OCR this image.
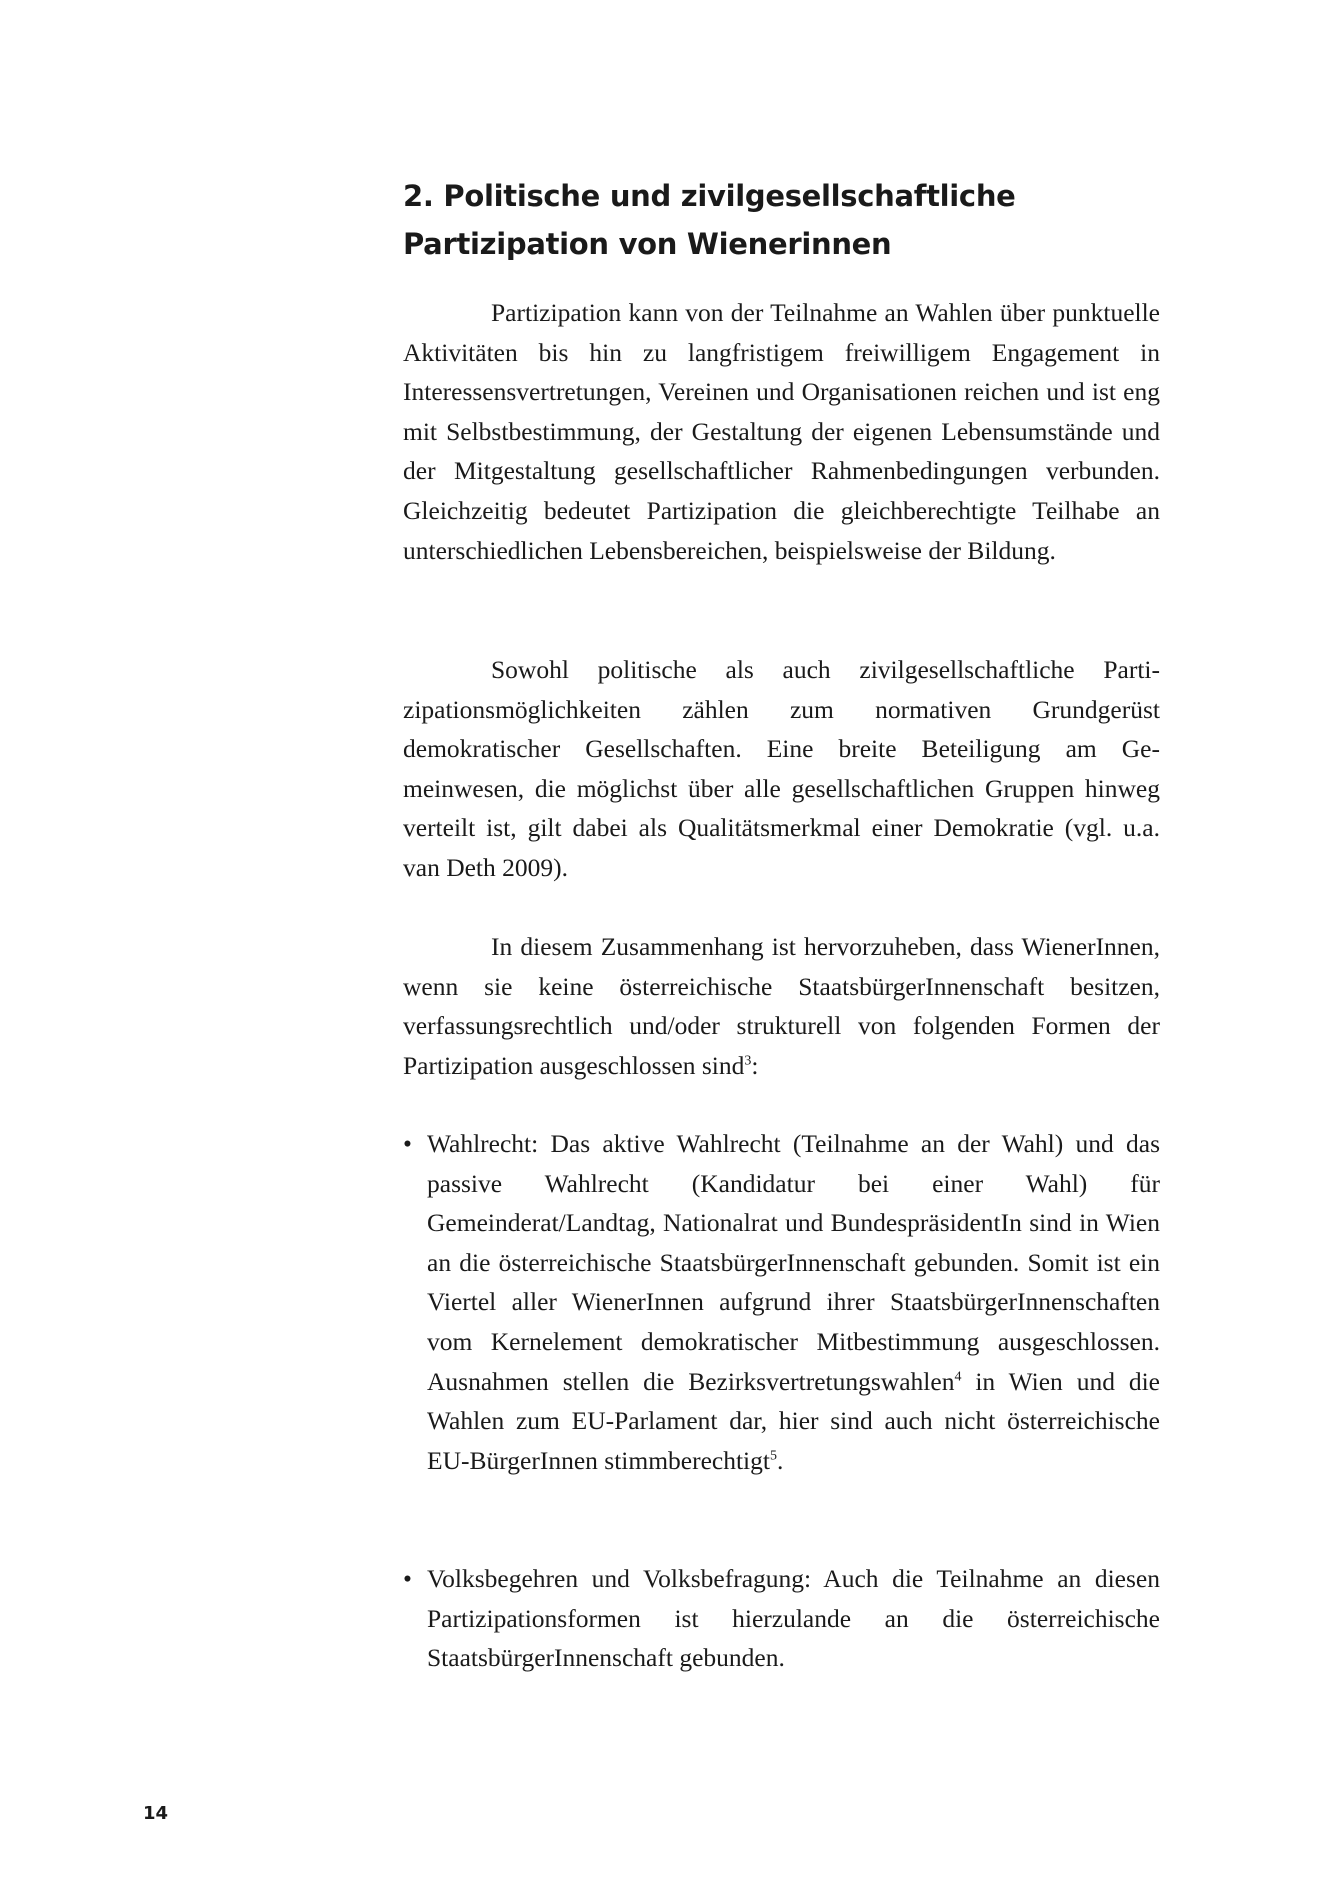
2. Politische und zivilgesellschaftliche
Partizipation von Wienerinnen

Partizipation kann von der Teilnahme an Wahlen über punktuelle Aktivitäten bis hin zu langfristigem freiwilligem Engagement in Interessensvertretungen, Vereinen und Organisationen reichen und ist eng mit Selbstbestimmung, der Gestaltung der eigenen Lebensumstände und der Mitgestaltung gesellschaftlicher Rahmenbedingungen verbunden. Gleichzeitig bedeutet Partizipation die gleichberechtigte Teilhabe an unterschiedlichen Lebensbereichen, beispielsweise der Bildung.

Sowohl politische als auch zivilgesellschaftliche Partizipationsmöglichkeiten zählen zum normativen Grundgerüst demokratischer Gesellschaften. Eine breite Beteiligung am Gemeinwesen, die möglichst über alle gesellschaftlichen Gruppen hinweg verteilt ist, gilt dabei als Qualitätsmerkmal einer Demokratie (vgl. u.a. van Deth 2009).

In diesem Zusammenhang ist hervorzuheben, dass WienerInnen, wenn sie keine österreichische StaatsbürgerInnenschaft besitzen, verfassungsrechtlich und/oder strukturell von folgenden Formen der Partizipation ausgeschlossen sind$^3$:

• Wahlrecht: Das aktive Wahlrecht (Teilnahme an der Wahl) und das passive Wahlrecht (Kandidatur bei einer Wahl) für Gemeinderat/Landtag, Nationalrat und BundespräsidentIn sind in Wien an die österreichische StaatsbürgerInnenschaft gebunden. Somit ist ein Viertel aller WienerInnen aufgrund ihrer StaatsbürgerInnenschaften vom Kernelement demokratischer Mitbestimmung ausgeschlossen. Ausnahmen stellen die Bezirksvertretungswahlen$^4$ in Wien und die Wahlen zum EU-Parlament dar, hier sind auch nicht österreichische EU-BürgerInnen stimmberechtigt$^5$.
• Volksbegehren und Volksbefragung: Auch die Teilnahme an diesen Partizipationsformen ist hierzulande an die österreichische StaatsbürgerInnenschaft gebunden.
14
